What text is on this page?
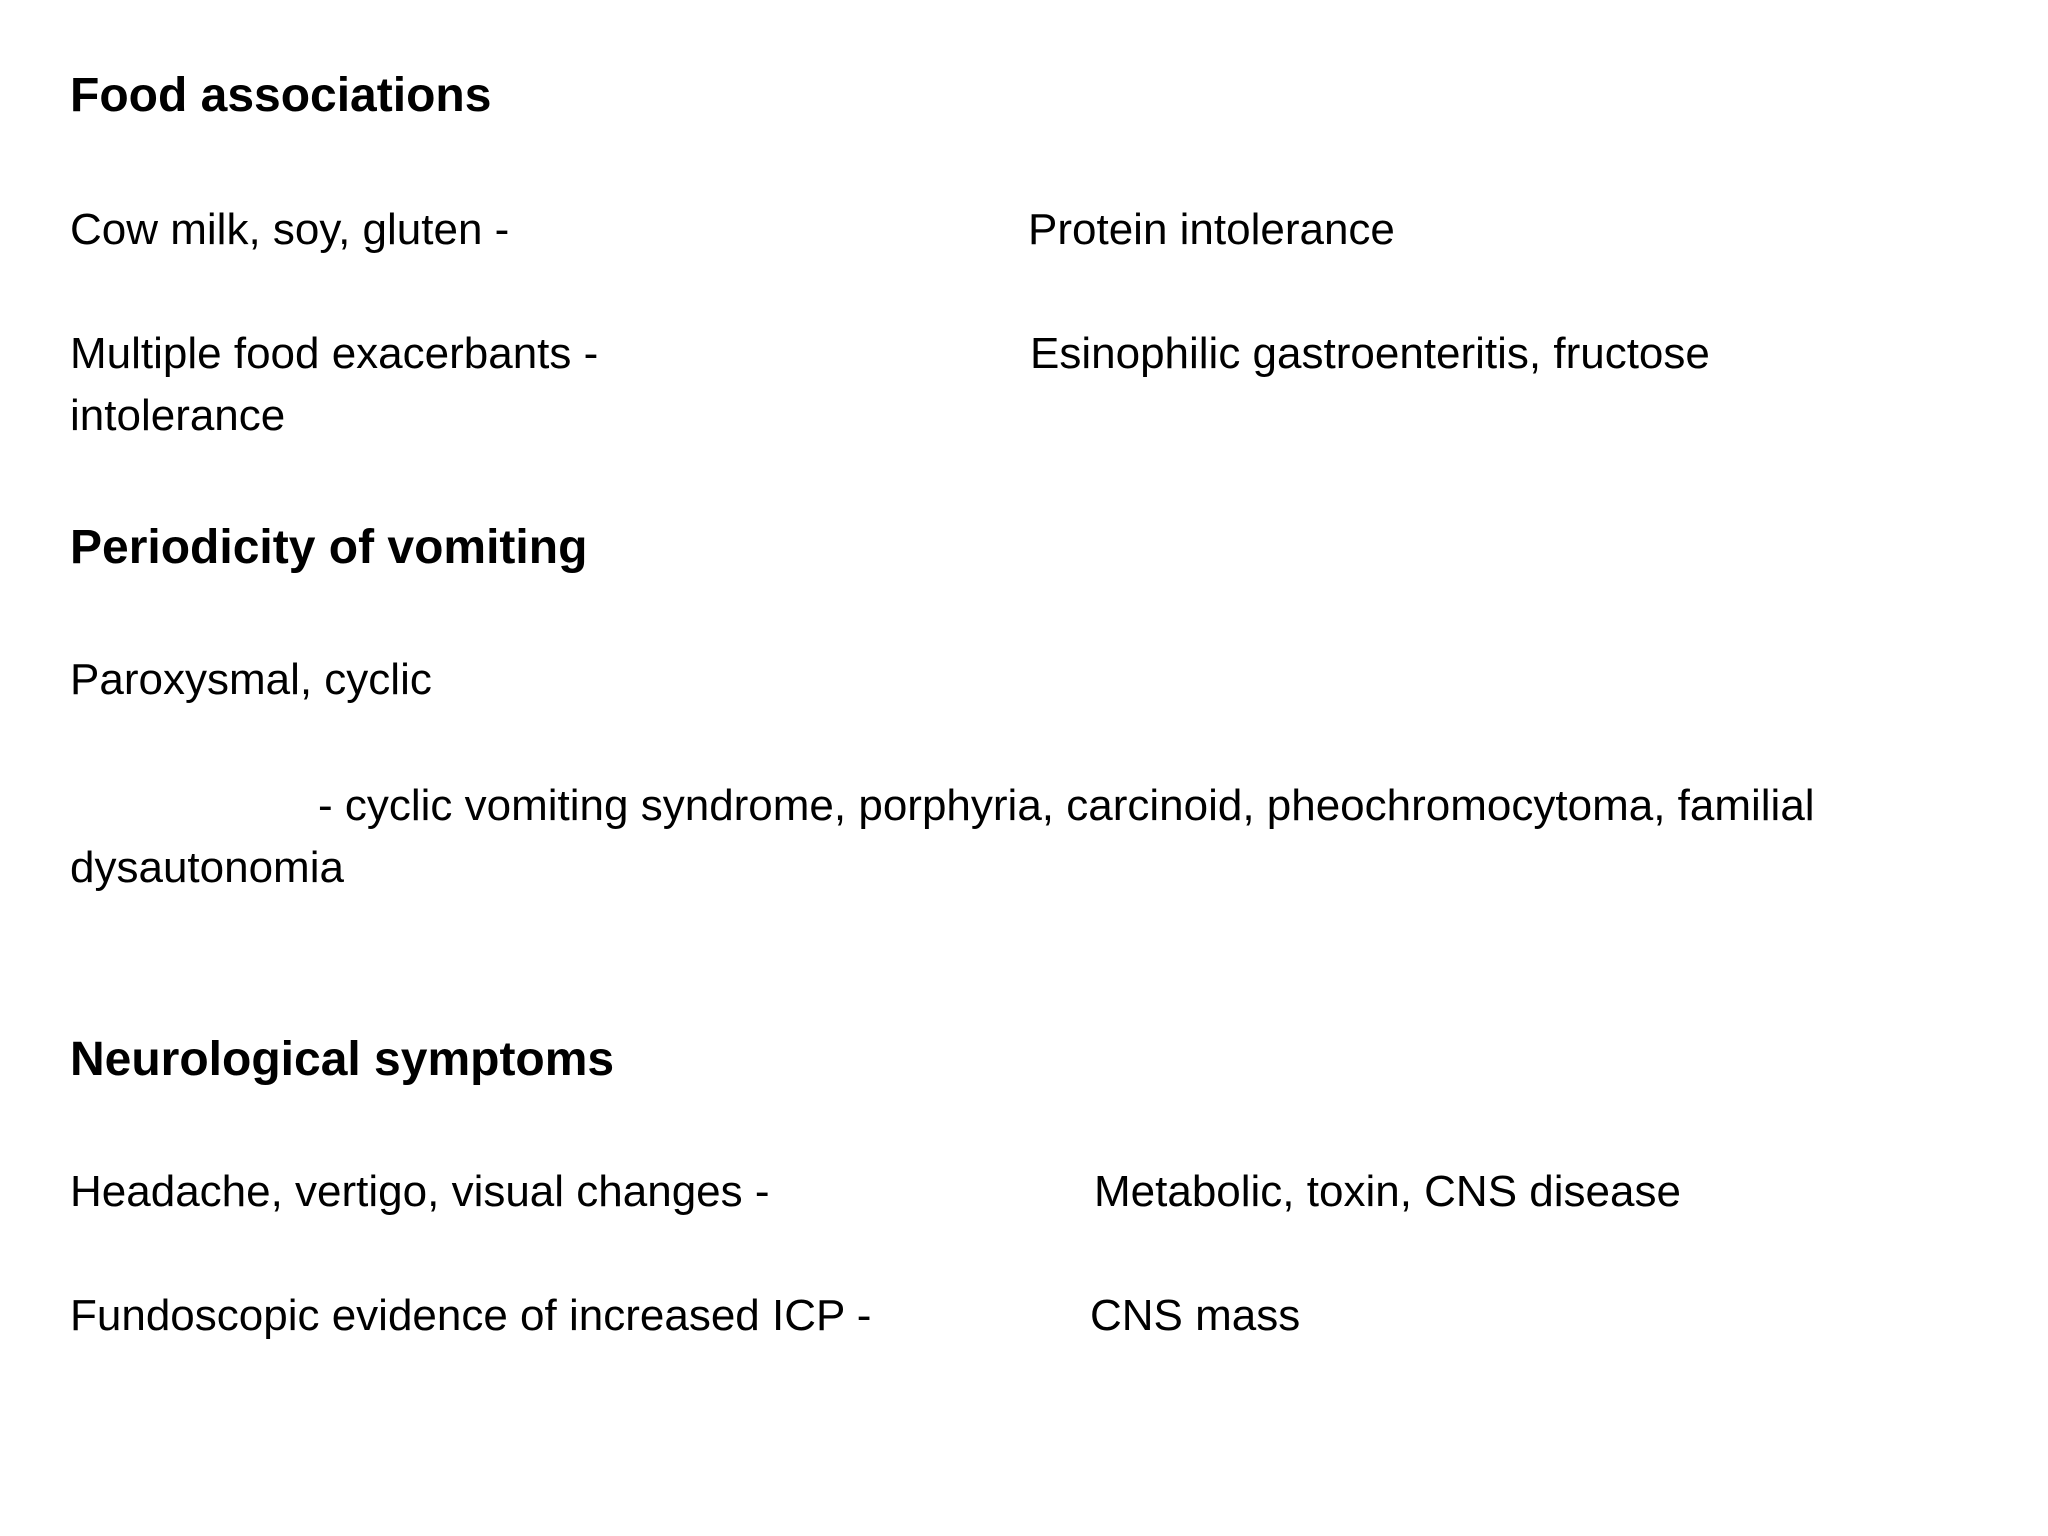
Food associations
Cow milk, soy, gluten -	Protein intolerance
Multiple food exacerbants -	Esinophilic gastroenteritis, fructose
intolerance
Periodicity of vomiting
Paroxysmal, cyclic
- cyclic vomiting syndrome, porphyria, carcinoid, pheochromocytoma, familial
dysautonomia
Neurological symptoms
Headache, vertigo, visual changes -	Metabolic, toxin, CNS disease
Fundoscopic evidence of increased ICP -	CNS mass
